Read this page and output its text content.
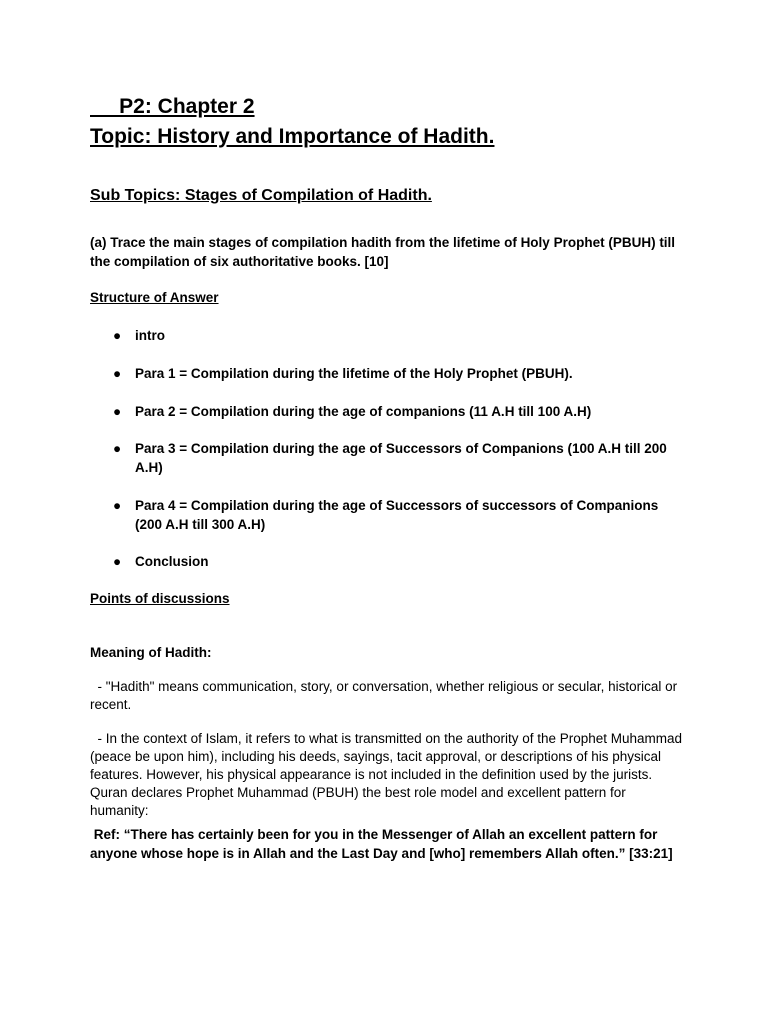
P2: Chapter 2
Topic: History and Importance of Hadith.
Sub Topics: Stages of Compilation of Hadith.
(a) Trace the main stages of compilation hadith from the lifetime of Holy Prophet (PBUH) till the compilation of six authoritative books. [10]
Structure of Answer
●	intro
●	Para 1 = Compilation during the lifetime of the Holy Prophet (PBUH).
●	Para 2 = Compilation during the age of companions (11 A.H till 100 A.H)
●	Para 3 = Compilation during the age of Successors of Companions (100 A.H till 200 A.H)
●	Para 4 = Compilation during the age of Successors of successors of Companions (200 A.H till 300 A.H)
●	Conclusion
Points of discussions
Meaning of Hadith:
- "Hadith" means communication, story, or conversation, whether religious or secular, historical or recent.
- In the context of Islam, it refers to what is transmitted on the authority of the Prophet Muhammad (peace be upon him), including his deeds, sayings, tacit approval, or descriptions of his physical features. However, his physical appearance is not included in the definition used by the jurists. Quran declares Prophet Muhammad (PBUH) the best role model and excellent pattern for humanity:
Ref: “There has certainly been for you in the Messenger of Allah an excellent pattern for anyone whose hope is in Allah and the Last Day and [who] remembers Allah often.” [33:21]
